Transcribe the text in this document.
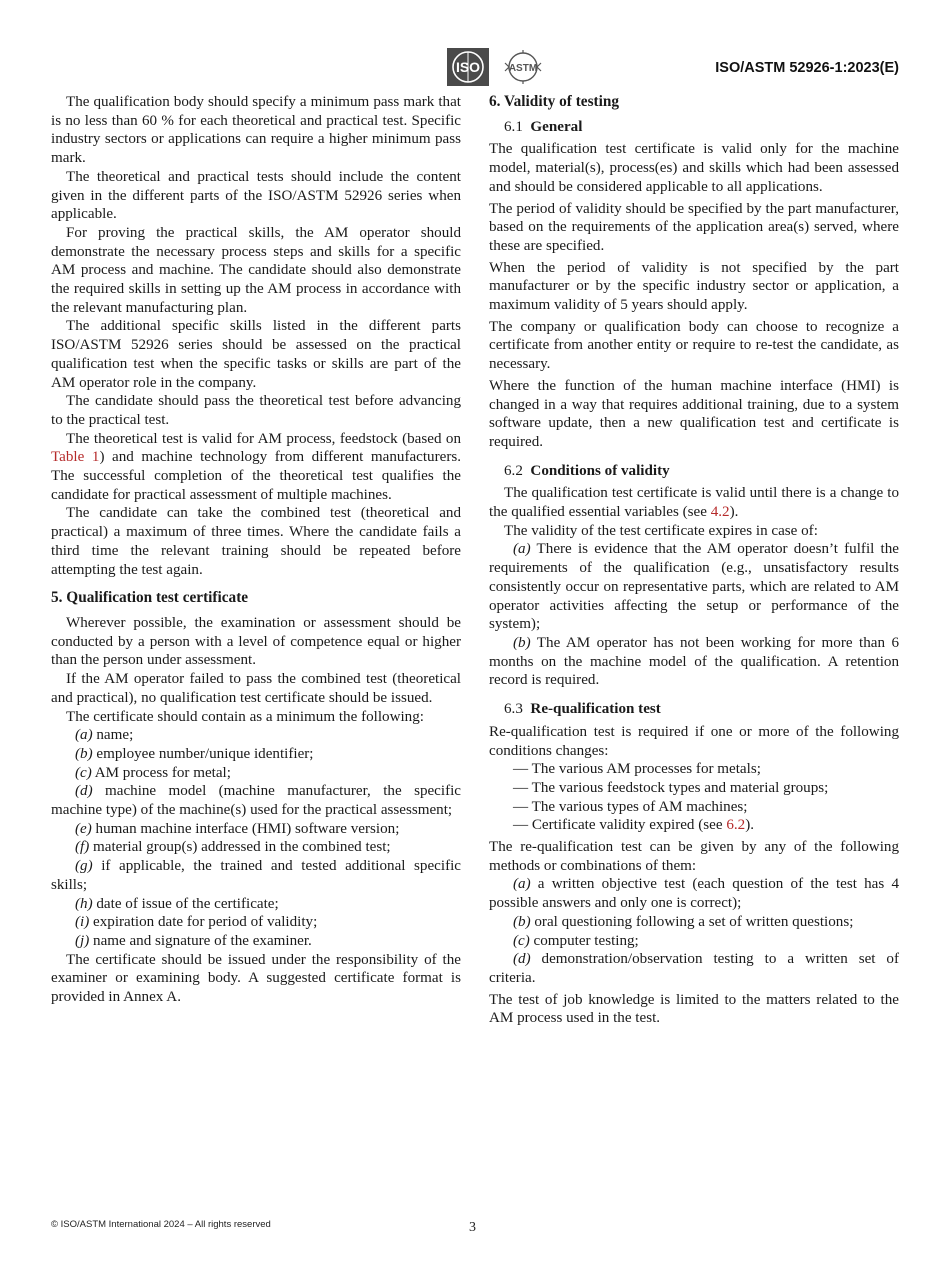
ISO	ASTM	ISO/ASTM 52926-1:2023(E)

The qualification body should specify a minimum pass mark that is no less than 60 % for each theoretical and practical test. Specific industry sectors or applications can require a higher minimum pass mark.

The theoretical and practical tests should include the content given in the different parts of the ISO/ASTM 52926 series when applicable.

For proving the practical skills, the AM operator should demonstrate the necessary process steps and skills for a specific AM process and machine. The candidate should also demonstrate the required skills in setting up the AM process in accordance with the relevant manufacturing plan.

The additional specific skills listed in the different parts ISO/ASTM 52926 series should be assessed on the practical qualification test when the specific tasks or skills are part of the AM operator role in the company.

The candidate should pass the theoretical test before advancing to the practical test.

The theoretical test is valid for AM process, feedstock (based on Table 1) and machine technology from different manufacturers. The successful completion of the theoretical test qualifies the candidate for practical assessment of multiple machines.

The candidate can take the combined test (theoretical and practical) a maximum of three times. Where the candidate fails a third time the relevant training should be repeated before attempting the test again.

5. Qualification test certificate

Wherever possible, the examination or assessment should be conducted by a person with a level of competence equal or higher than the person under assessment.

If the AM operator failed to pass the combined test (theoretical and practical), no qualification test certificate should be issued.

The certificate should contain as a minimum the following:

(a) name;

(b) employee number/unique identifier;

(c) AM process for metal;

(d) machine model (machine manufacturer, the specific machine type) of the machine(s) used for the practical assessment;

(e) human machine interface (HMI) software version;

(f) material group(s) addressed in the combined test;

(g) if applicable, the trained and tested additional specific skills;

(h) date of issue of the certificate;

(i) expiration date for period of validity;

(j) name and signature of the examiner.

The certificate should be issued under the responsibility of the examiner or examining body. A suggested certificate format is provided in Annex A.

6. Validity of testing
6.1 General

The qualification test certificate is valid only for the machine model, material(s), process(es) and skills which had been assessed and should be considered applicable to all applications.

The period of validity should be specified by the part manufacturer, based on the requirements of the application area(s) served, where these are specified.

When the period of validity is not specified by the part manufacturer or by the specific industry sector or application, a maximum validity of 5 years should apply.

The company or qualification body can choose to recognize a certificate from another entity or require to re-test the candidate, as necessary.

Where the function of the human machine interface (HMI) is changed in a way that requires additional training, due to a system software update, then a new qualification test and certificate is required.

6.2 Conditions of validity

The qualification test certificate is valid until there is a change to the qualified essential variables (see 4.2).

The validity of the test certificate expires in case of:

(a) There is evidence that the AM operator doesn’t fulfil the requirements of the qualification (e.g., unsatisfactory results consistently occur on representative parts, which are related to AM operator activities affecting the setup or performance of the system);

(b) The AM operator has not been working for more than 6 months on the machine model of the qualification. A retention record is required.

6.3 Re-qualification test

Re-qualification test is required if one or more of the following conditions changes:

— The various AM processes for metals;

— The various feedstock types and material groups;

— The various types of AM machines;

— Certificate validity expired (see 6.2).

The re-qualification test can be given by any of the following methods or combinations of them:

(a) a written objective test (each question of the test has 4 possible answers and only one is correct);

(b) oral questioning following a set of written questions;

(c) computer testing;

(d) demonstration/observation testing to a written set of criteria.

The test of job knowledge is limited to the matters related to the AM process used in the test.

© ISO/ASTM International 2024 – All rights reserved	3
